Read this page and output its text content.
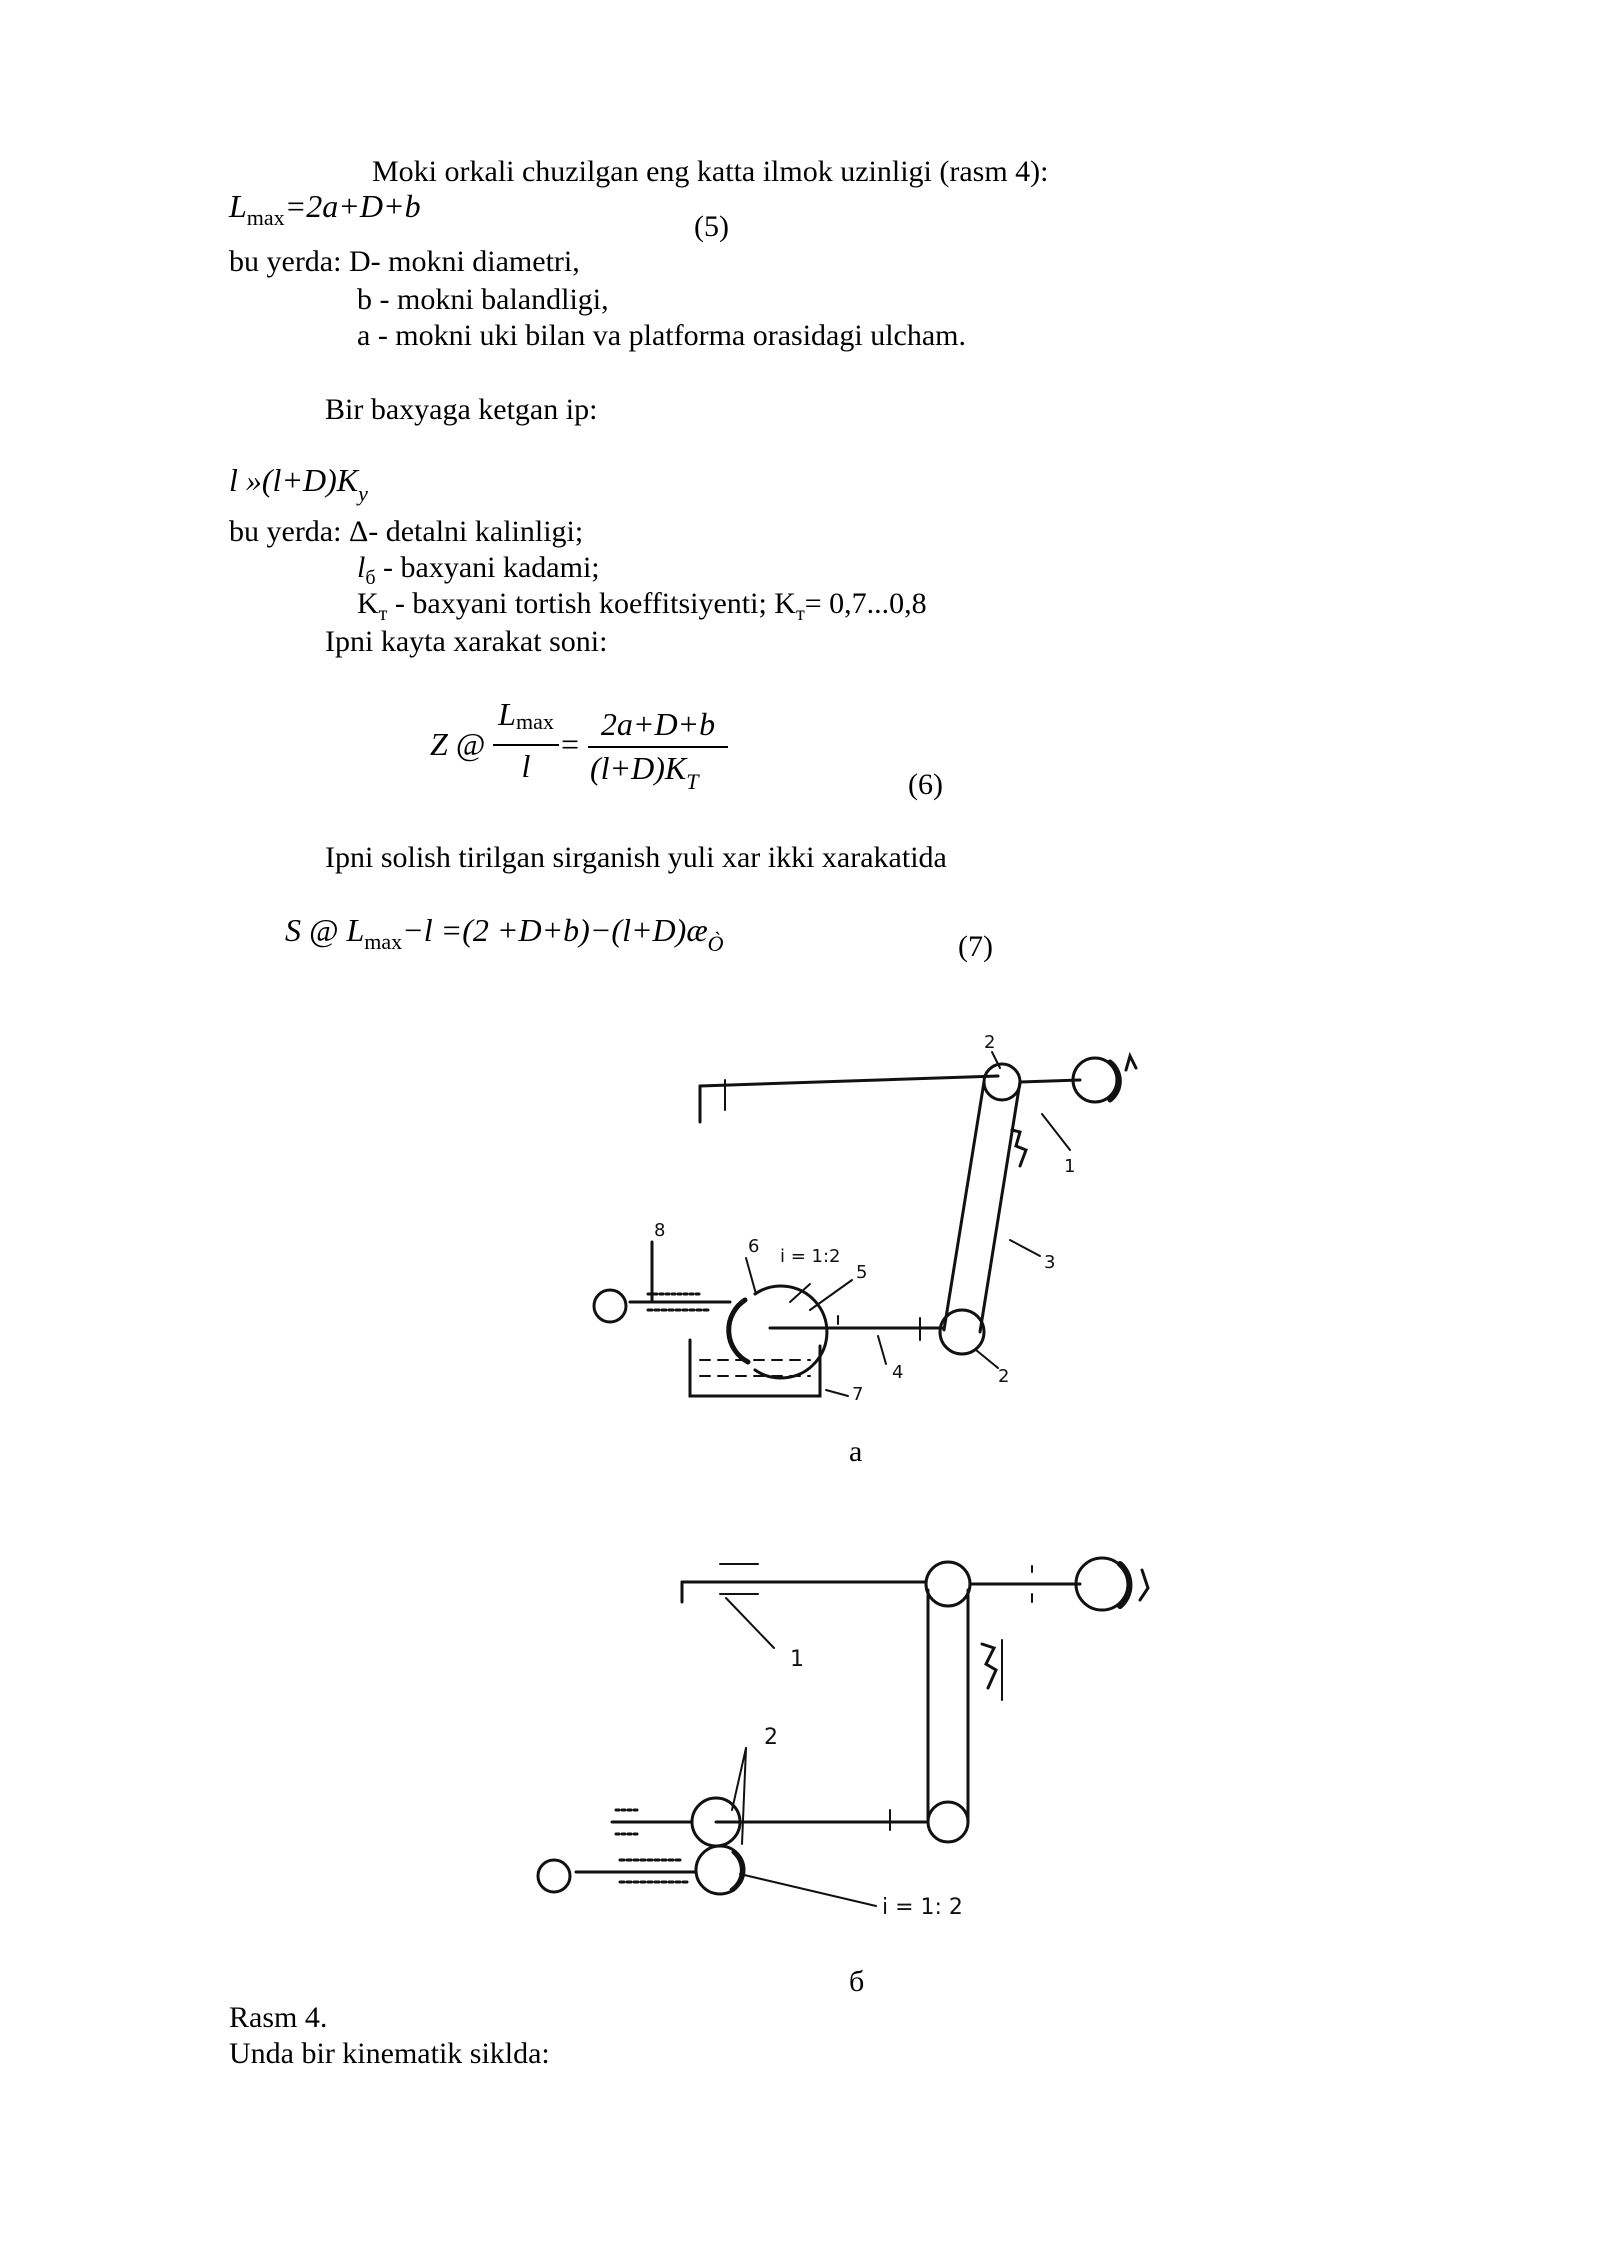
Moki orkali chuzilgan eng katta ilmok uzinligi (rasm 4):
$L_{max}=2a+D+b$
(5)
bu yerda: D- mokni diametri,
b - mokni balandligi,
a - mokni uki bilan va platforma orasidagi ulcham.
Bir baxyaga ketgan ip:
l $»(l+D)K_y$
bu yerda: Δ- detalni kalinligi;
$l_б$ - baxyani kadami;
$K_т$ - baxyani tortish koeffitsiyenti; $K_т= 0,7...0,8$
Ipni kayta xarakat soni:
Z @
Lmax
l
=
2a+D+b
$(l+D)K_T$	(6)
Ipni solish tirilgan sirganish yuli xar ikki xarakatida
S @ $L_{max}-l =(2$ $+D+b)-(l+D)æ_Ò$	(7)
2
1
3
2
4
5
6
8
7
i = 1:2
а
1
2
i = 1: 2
б
Rasm 4.
Unda bir kinematik siklda:
